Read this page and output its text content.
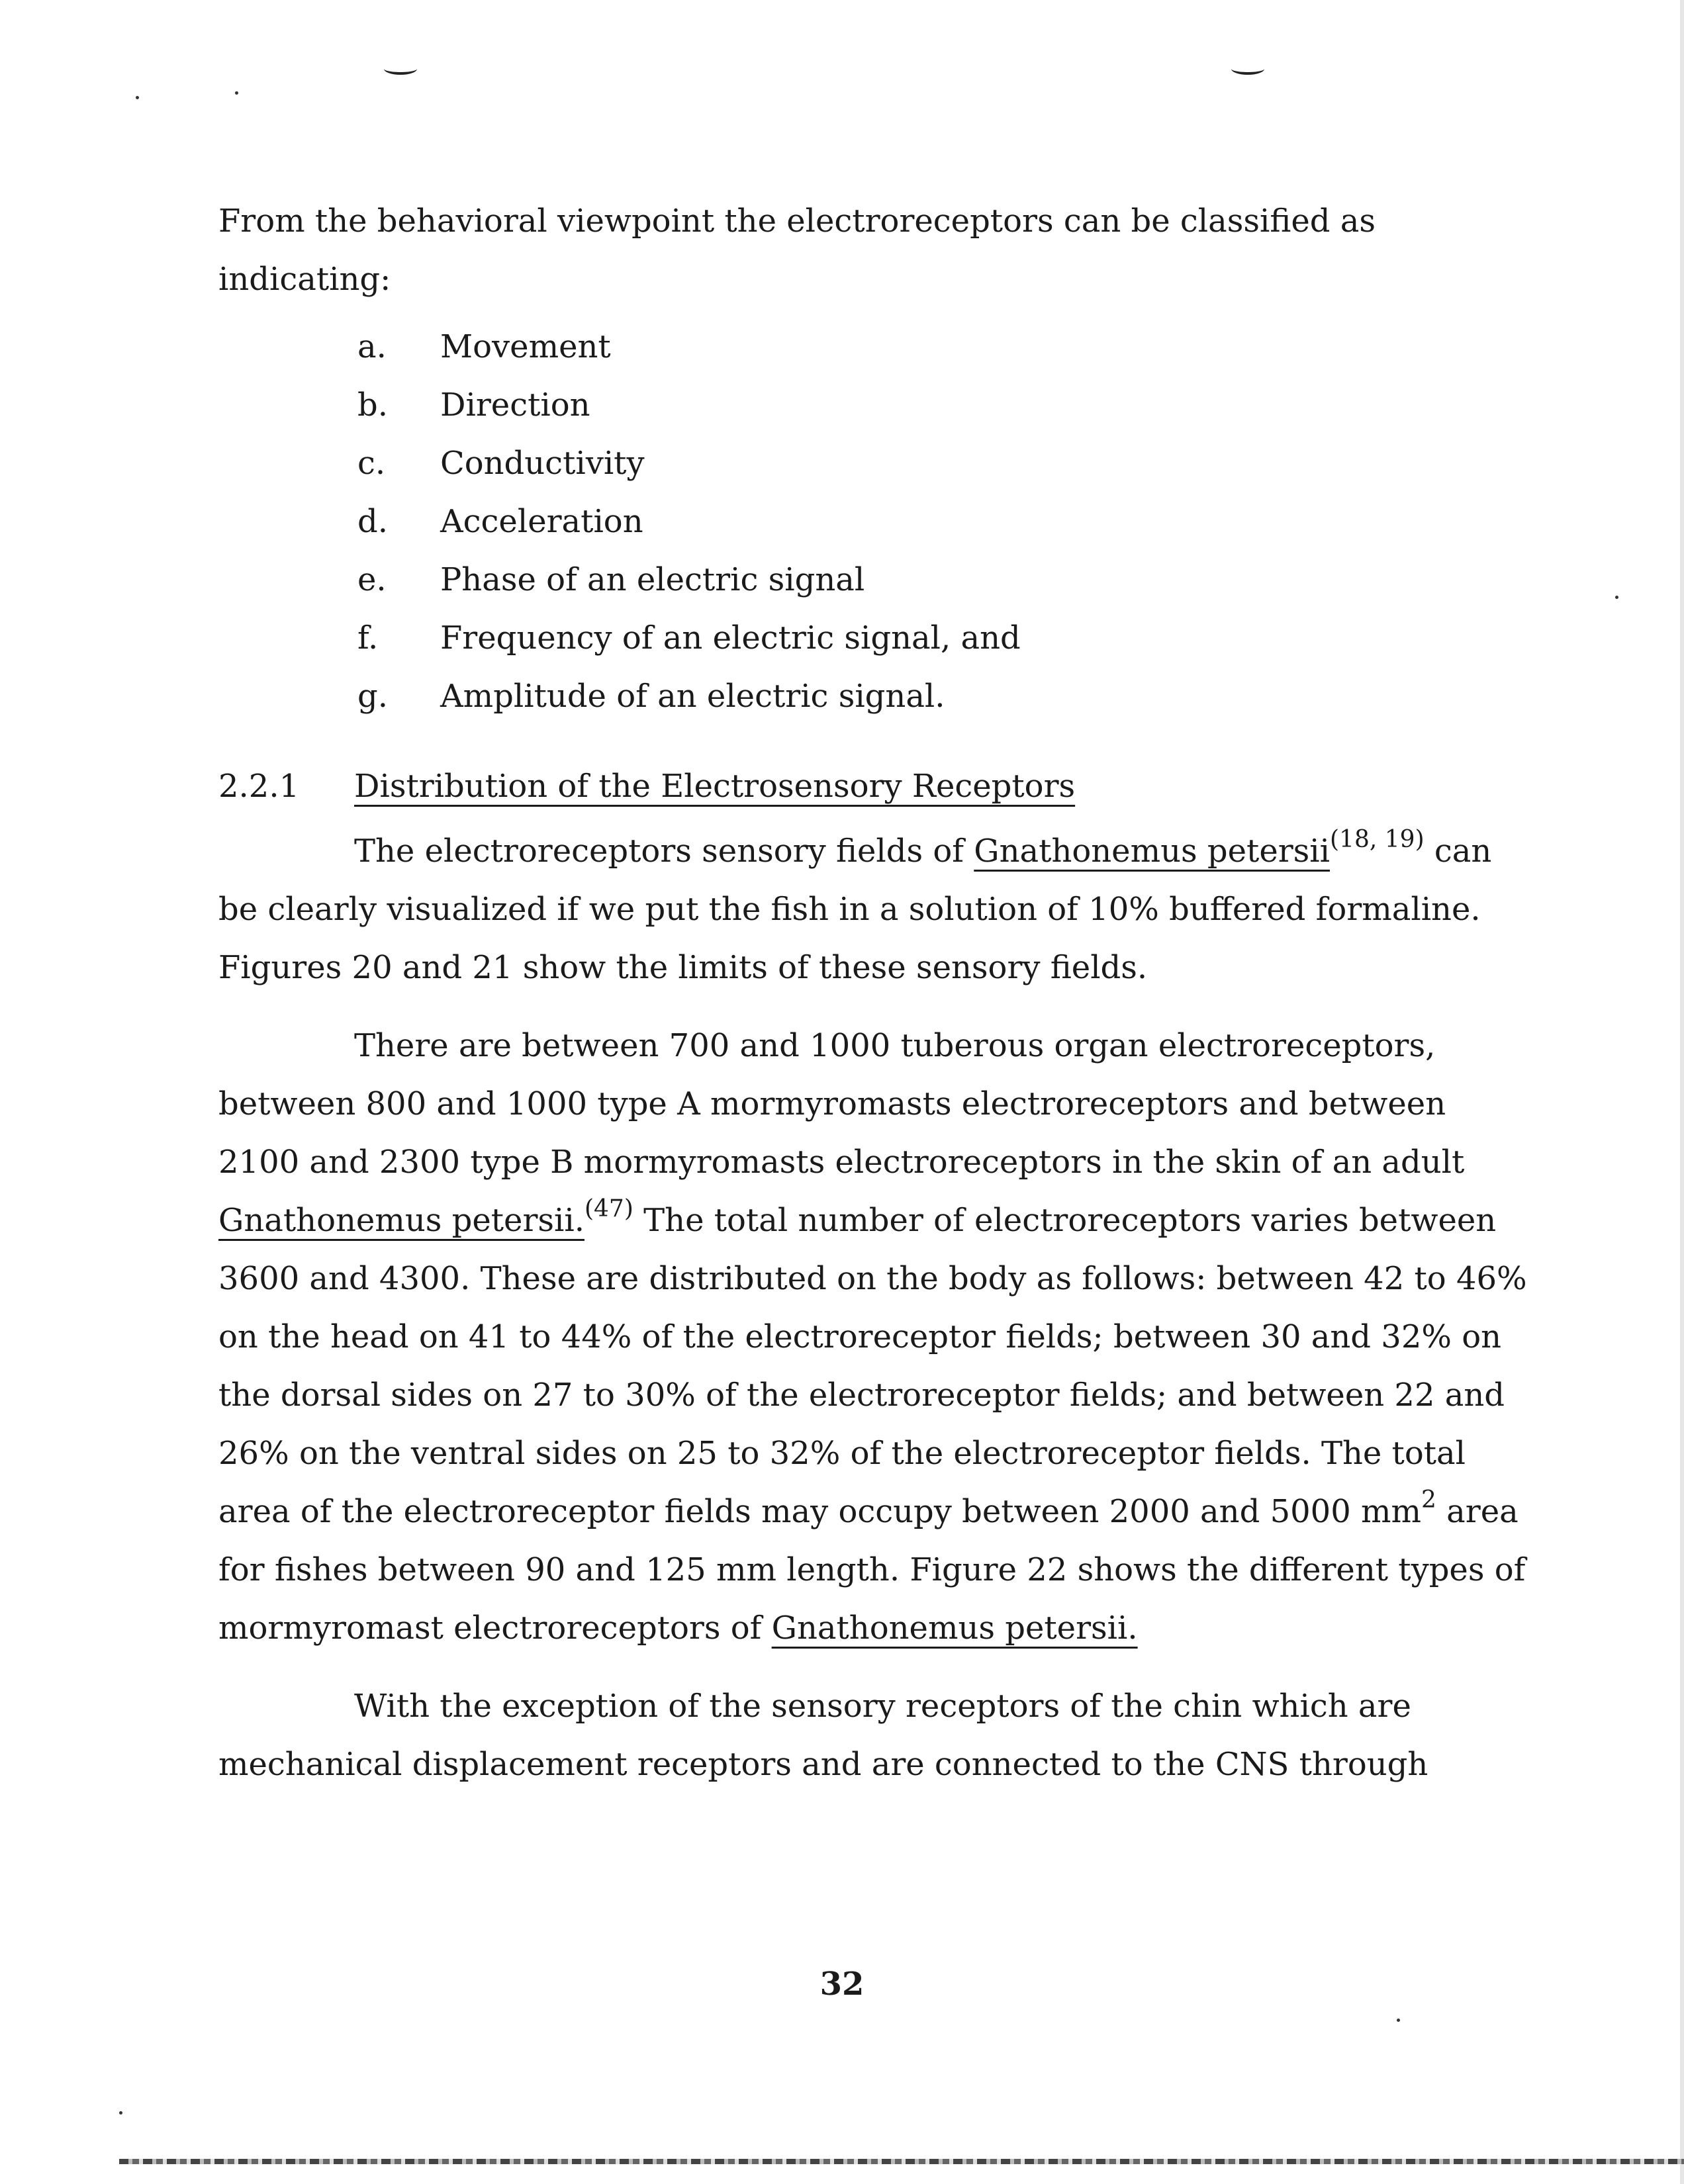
From the behavioral viewpoint the electroreceptors can be classified as indicating:

a.	Movement
b.	Direction
c.	Conductivity
d.	Acceleration
e.	Phase of an electric signal
f.	Frequency of an electric signal, and
g.	Amplitude of an electric signal.
2.2.1	Distribution of the Electrosensory Receptors

The electroreceptors sensory fields of Gnathonemus petersii$^{(18, 19)}$ can be clearly visualized if we put the fish in a solution of 10% buffered formaline. Figures 20 and 21 show the limits of these sensory fields.

There are between 700 and 1000 tuberous organ electroreceptors, between 800 and 1000 type A mormyromasts electroreceptors and between 2100 and 2300 type B mormyromasts electroreceptors in the skin of an adult Gnathonemus petersii.$^{(47)}$ The total number of electroreceptors varies between 3600 and 4300. These are distributed on the body as follows: between 42 to 46% on the head on 41 to 44% of the electroreceptor fields; between 30 and 32% on the dorsal sides on 27 to 30% of the electroreceptor fields; and between 22 and 26% on the ventral sides on 25 to 32% of the electroreceptor fields. The total area of the electroreceptor fields may occupy between 2000 and 5000 $mm^2$ area for fishes between 90 and 125 mm length. Figure 22 shows the different types of mormyromast electroreceptors of Gnathonemus petersii.

With the exception of the sensory receptors of the chin which are mechanical displacement receptors and are connected to the CNS through

32
